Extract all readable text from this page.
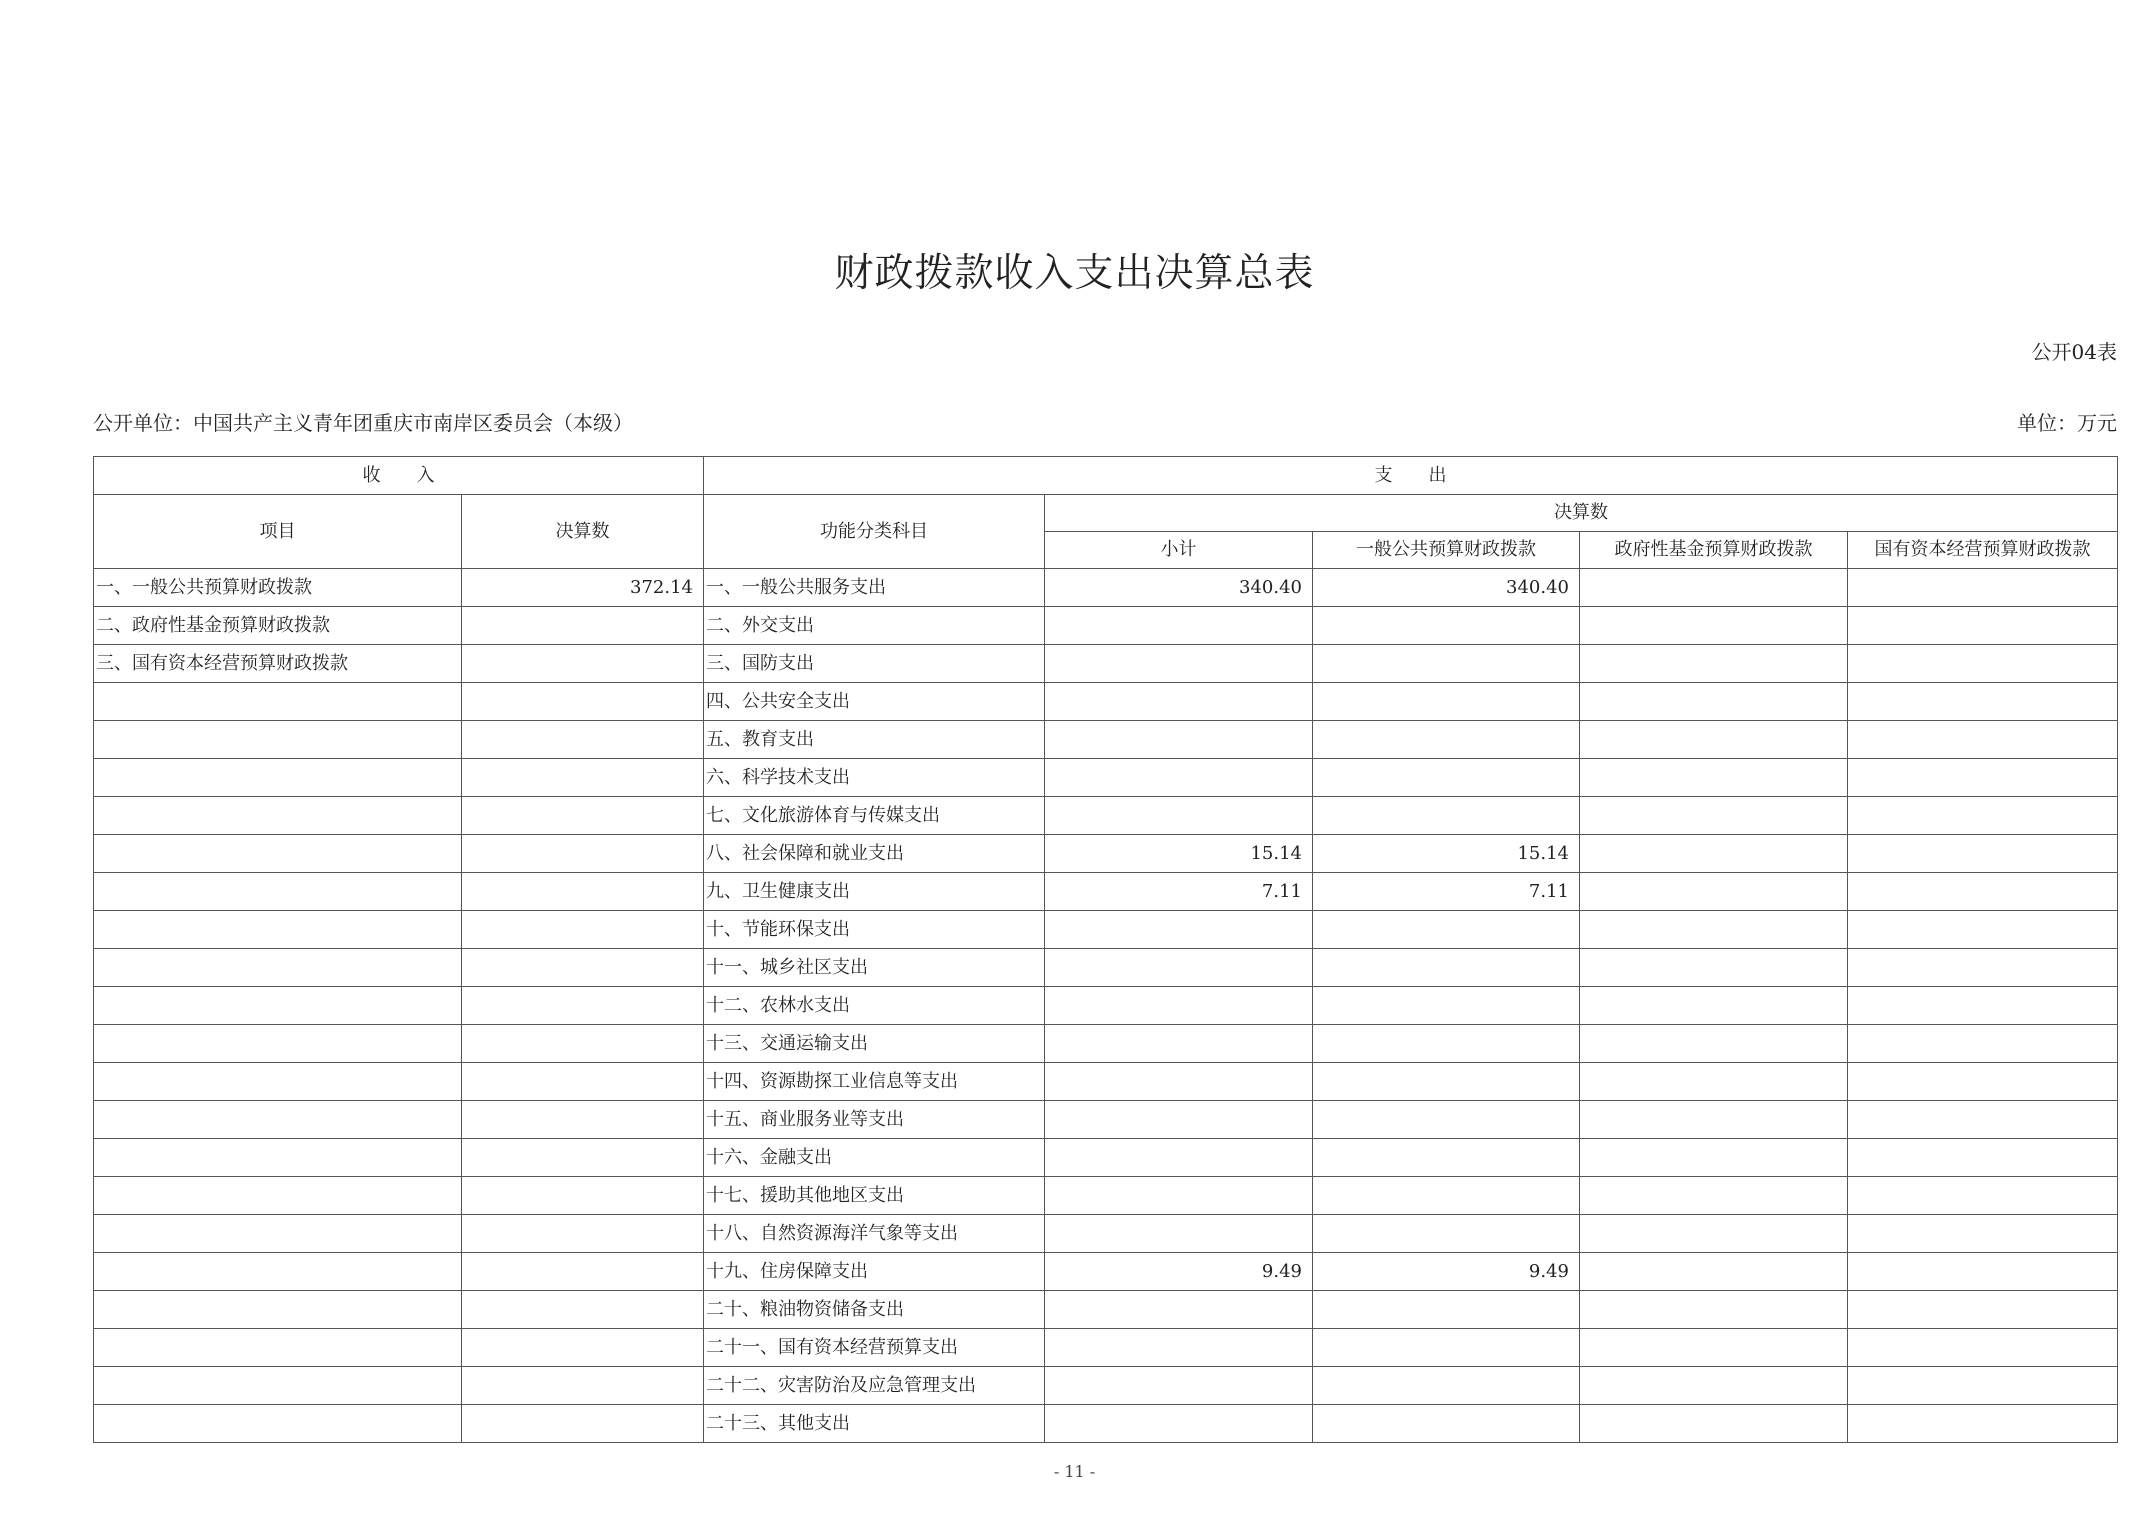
财政拨款收入支出决算总表
公开04表
公开单位：中国共产主义青年团重庆市南岸区委员会（本级）	单位：万元
收　　入		支　　出				
项目	决算数	功能分类科目	决算数			
			小计	一般公共预算财政拨款	政府性基金预算财政拨款	国有资本经营预算财政拨款
一、一般公共预算财政拨款	372.14	一、一般公共服务支出	340.40	340.40		
二、政府性基金预算财政拨款		二、外交支出				
三、国有资本经营预算财政拨款		三、国防支出				
		四、公共安全支出				
		五、教育支出				
		六、科学技术支出				
		七、文化旅游体育与传媒支出				
		八、社会保障和就业支出	15.14	15.14		
		九、卫生健康支出	7.11	7.11		
		十、节能环保支出				
		十一、城乡社区支出				
		十二、农林水支出				
		十三、交通运输支出				
		十四、资源勘探工业信息等支出				
		十五、商业服务业等支出				
		十六、金融支出				
		十七、援助其他地区支出				
		十八、自然资源海洋气象等支出				
		十九、住房保障支出	9.49	9.49		
		二十、粮油物资储备支出				
		二十一、国有资本经营预算支出				
		二十二、灾害防治及应急管理支出				
		二十三、其他支出				
- 11 -
